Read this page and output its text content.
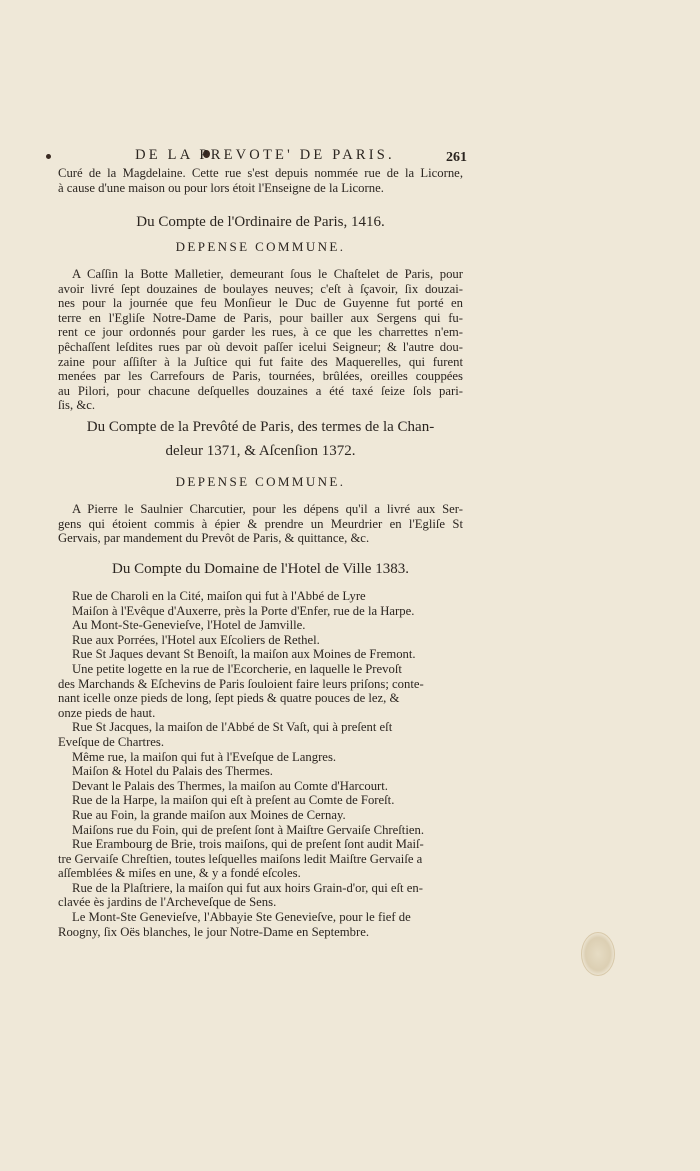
DE LA PREVOTE' DE PARIS.	261
Curé de la Magdelaine. Cette rue s'est depuis nommée rue de la Licorne,
à cause d'une maison ou pour lors étoit l'Enseigne de la Licorne.
Du Compte de l'Ordinaire de Paris, 1416.
DEPENSE COMMUNE.
A Caſſin la Botte Malletier, demeurant ſous le Chaſtelet de Paris, pour
avoir livré ſept douzaines de boulayes neuves; c'eſt à ſçavoir, ſix douzai-
nes pour la journée que feu Monſieur le Duc de Guyenne fut porté en
terre en l'Egliſe Notre-Dame de Paris, pour bailler aux Sergens qui fu-
rent ce jour ordonnés pour garder les rues, à ce que les charrettes n'em-
pêchaſſent leſdites rues par où devoit paſſer icelui Seigneur; & l'autre dou-
zaine pour aſſiſter à la Juſtice qui fut faite des Maquerelles, qui furent
menées par les Carrefours de Paris, tournées, brûlées, oreilles couppées
au Pilori, pour chacune deſquelles douzaines a été taxé ſeize ſols pari-
ſis, &c.
Du Compte de la Prevôté de Paris, des termes de la Chan-
deleur 1371, & Aſcenſion 1372.
DEPENSE COMMUNE.
A Pierre le Saulnier Charcutier, pour les dépens qu'il a livré aux Ser-
gens qui étoient commis à épier & prendre un Meurdrier en l'Egliſe St
Gervais, par mandement du Prevôt de Paris, & quittance, &c.
Du Compte du Domaine de l'Hotel de Ville 1383.
Rue de Charoli en la Cité, maiſon qui fut à l'Abbé de Lyre
Maiſon à l'Evêque d'Auxerre, près la Porte d'Enfer, rue de la Harpe.
Au Mont-Ste-Genevieſve, l'Hotel de Jamville.
Rue aux Porrées, l'Hotel aux Eſcoliers de Rethel.
Rue St Jaques devant St Benoiſt, la maiſon aux Moines de Fremont.
Une petite logette en la rue de l'Ecorcherie, en laquelle le Prevoſt
des Marchands & Eſchevins de Paris ſouloient faire leurs priſons; conte-
nant icelle onze pieds de long, ſept pieds & quatre pouces de lez, &
onze pieds de haut.
Rue St Jacques, la maiſon de l'Abbé de St Vaſt, qui à preſent eſt
Eveſque de Chartres.
Même rue, la maiſon qui fut à l'Eveſque de Langres.
Maiſon & Hotel du Palais des Thermes.
Devant le Palais des Thermes, la maiſon au Comte d'Harcourt.
Rue de la Harpe, la maiſon qui eſt à preſent au Comte de Foreſt.
Rue au Foin, la grande maiſon aux Moines de Cernay.
Maiſons rue du Foin, qui de preſent ſont à Maiſtre Gervaiſe Chreſtien.
Rue Erambourg de Brie, trois maiſons, qui de preſent ſont audit Maiſ-
tre Gervaiſe Chreſtien, toutes leſquelles maiſons ledit Maiſtre Gervaiſe a
aſſemblées & miſes en une, & y a fondé eſcoles.
Rue de la Plaſtriere, la maiſon qui fut aux hoirs Grain-d'or, qui eſt en-
clavée ès jardins de l'Archeveſque de Sens.
Le Mont-Ste Genevieſve, l'Abbayie Ste Genevieſve, pour le fief de
Roogny, ſix Oës blanches, le jour Notre-Dame en Septembre.
